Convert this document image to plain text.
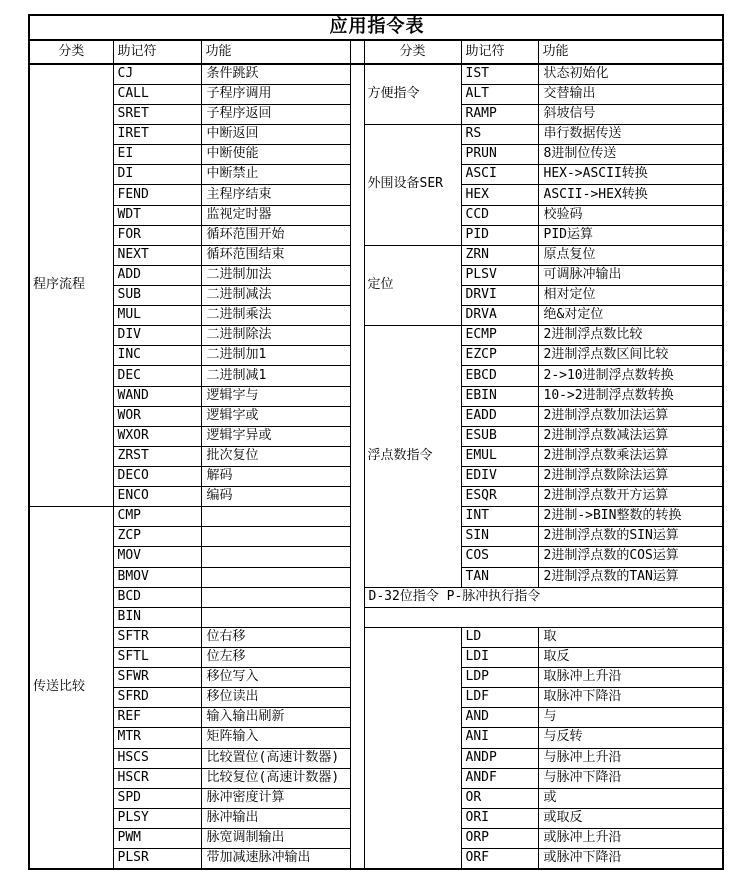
应用指令表						
分类	助记符	功能		分类	助记符	功能
程序流程	CJ	条件跳跃		方便指令	IST	状态初始化
	CALL	子程序调用			ALT	交替输出
	SRET	子程序返回			RAMP	斜坡信号
	IRET	中断返回		外围设备SER	RS	串行数据传送
	EI	中断使能			PRUN	8进制位传送
	DI	中断禁止			ASCI	HEX->ASCII转换
	FEND	主程序结束			HEX	ASCII->HEX转换
	WDT	监视定时器			CCD	校验码
	FOR	循环范围开始			PID	PID运算
	NEXT	循环范围结束		定位	ZRN	原点复位
	ADD	二进制加法			PLSV	可调脉冲输出
	SUB	二进制减法			DRVI	相对定位
	MUL	二进制乘法			DRVA	绝&对定位
	DIV	二进制除法		浮点数指令	ECMP	2进制浮点数比较
	INC	二进制加1			EZCP	2进制浮点数区间比较
	DEC	二进制减1			EBCD	2->10进制浮点数转换
	WAND	逻辑字与			EBIN	10->2进制浮点数转换
	WOR	逻辑字或			EADD	2进制浮点数加法运算
	WXOR	逻辑字异或			ESUB	2进制浮点数减法运算
	ZRST	批次复位			EMUL	2进制浮点数乘法运算
	DECO	解码			EDIV	2进制浮点数除法运算
	ENCO	编码			ESQR	2进制浮点数开方运算
传送比较	CMP				INT	2进制->BIN整数的转换
	ZCP				SIN	2进制浮点数的SIN运算
	MOV				COS	2进制浮点数的COS运算
	BMOV				TAN	2进制浮点数的TAN运算
	BCD			D-32位指令 P-脉冲执行指令		
	BIN					
	SFTR	位右移			LD	取
	SFTL	位左移			LDI	取反
	SFWR	移位写入			LDP	取脉冲上升沿
	SFRD	移位读出			LDF	取脉冲下降沿
	REF	输入输出刷新			AND	与
	MTR	矩阵输入			ANI	与反转
	HSCS	比较置位(高速计数器)			ANDP	与脉冲上升沿
	HSCR	比较复位(高速计数器)			ANDF	与脉冲下降沿
	SPD	脉冲密度计算			OR	或
	PLSY	脉冲输出			ORI	或取反
	PWM	脉宽调制输出			ORP	或脉冲上升沿
	PLSR	带加减速脉冲输出			ORF	或脉冲下降沿
